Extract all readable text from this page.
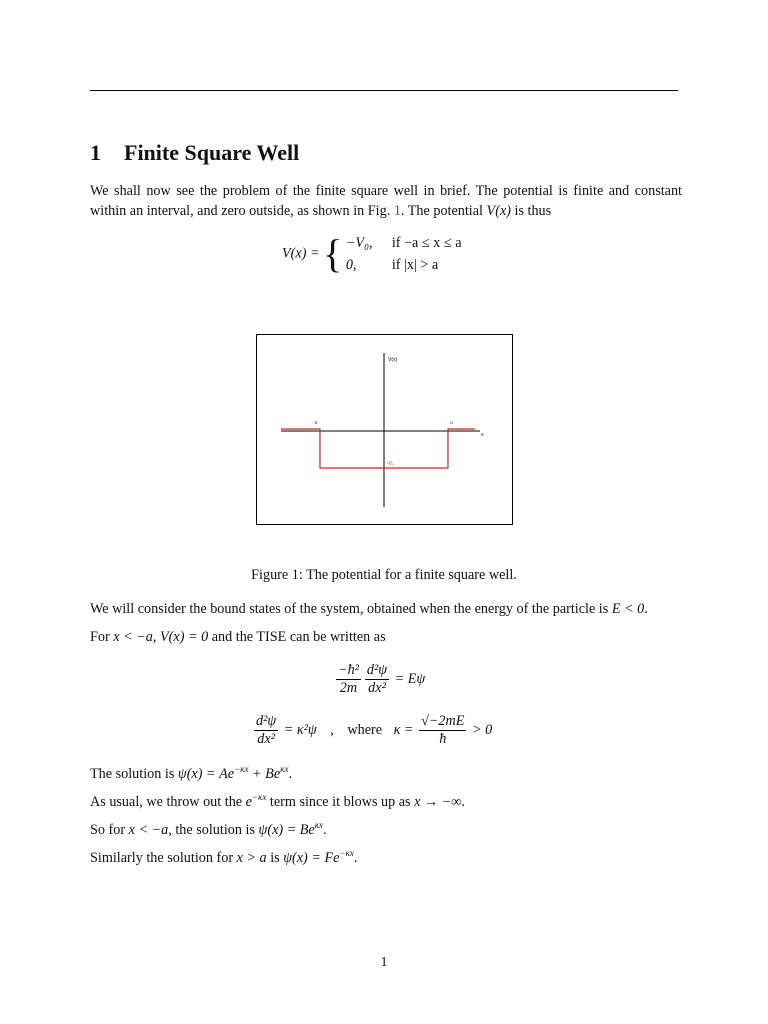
1 Finite Square Well
We shall now see the problem of the finite square well in brief. The potential is finite and constant within an interval, and zero outside, as shown in Fig. 1. The potential V(x) is thus
V(x) = { −V₀, if −a ≤ x ≤ a
0, if |x| > a
V(x)
x
-a	a
-V₀
Figure 1: The potential for a finite square well.
We will consider the bound states of the system, obtained when the energy of the particle is E < 0.
For x < −a, V(x) = 0 and the TISE can be written as
$\frac{\text{−ħ²}}{2m} \frac{\text{d²ψ}}{\text{dx²}} = E\psi$
$\frac{\text{d²ψ}}{\text{dx²}} = \kappa^2\psi$ , where $\kappa = \frac{√-2mE}{ħ} > 0$
The solution is $\psi(x) = Ae^{-\kappa x} + Be^{\kappa x}$.
As usual, we throw out the $e^{-\kappa x}$ term since it blows up as x → −∞.
So for x < −a, the solution is $\psi(x) = Be^{\kappa x}$.
Similarly the solution for x > a is $\psi(x) = Fe^{-\kappa x}$.
1
